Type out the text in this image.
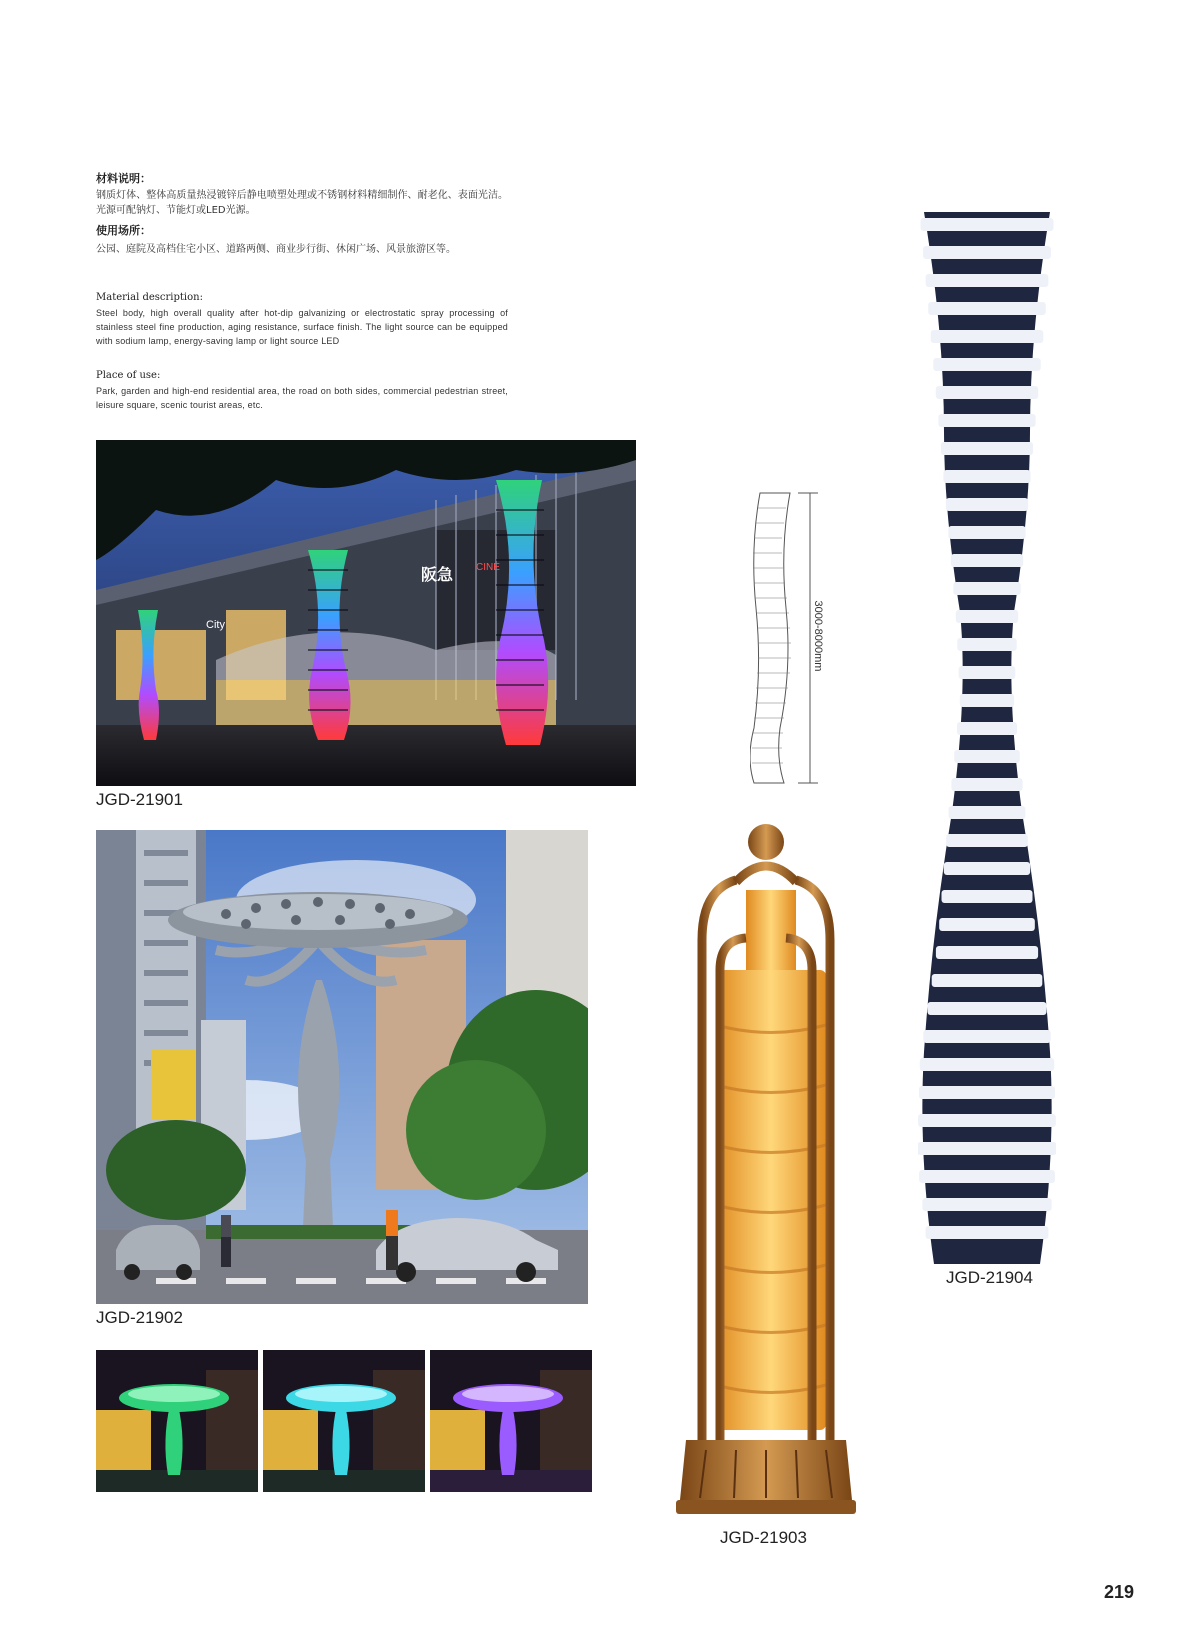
材料说明：
钢质灯体、整体高质量热浸镀锌后静电喷塑处理或不锈钢材料精细制作、耐老化、表面光洁。光源可配钠灯、节能灯或LED光源。
使用场所：
公园、庭院及高档住宅小区、道路两侧、商业步行街、休闲广场、风景旅游区等。
Material description:
Steel body, high overall quality after hot-dip galvanizing or electrostatic spray processing of stainless steel fine production, aging resistance, surface finish. The light source can be equipped with sodium lamp, energy-saving lamp or light source LED
Place of use:
Park, garden and high-end residential area, the road on both sides, commercial pedestrian street, leisure square, scenic tourist areas, etc.
阪急 CINE
City
JGD-21901
JGD-21902
3000-8000mm
JGD-21903
JGD-21904
219
